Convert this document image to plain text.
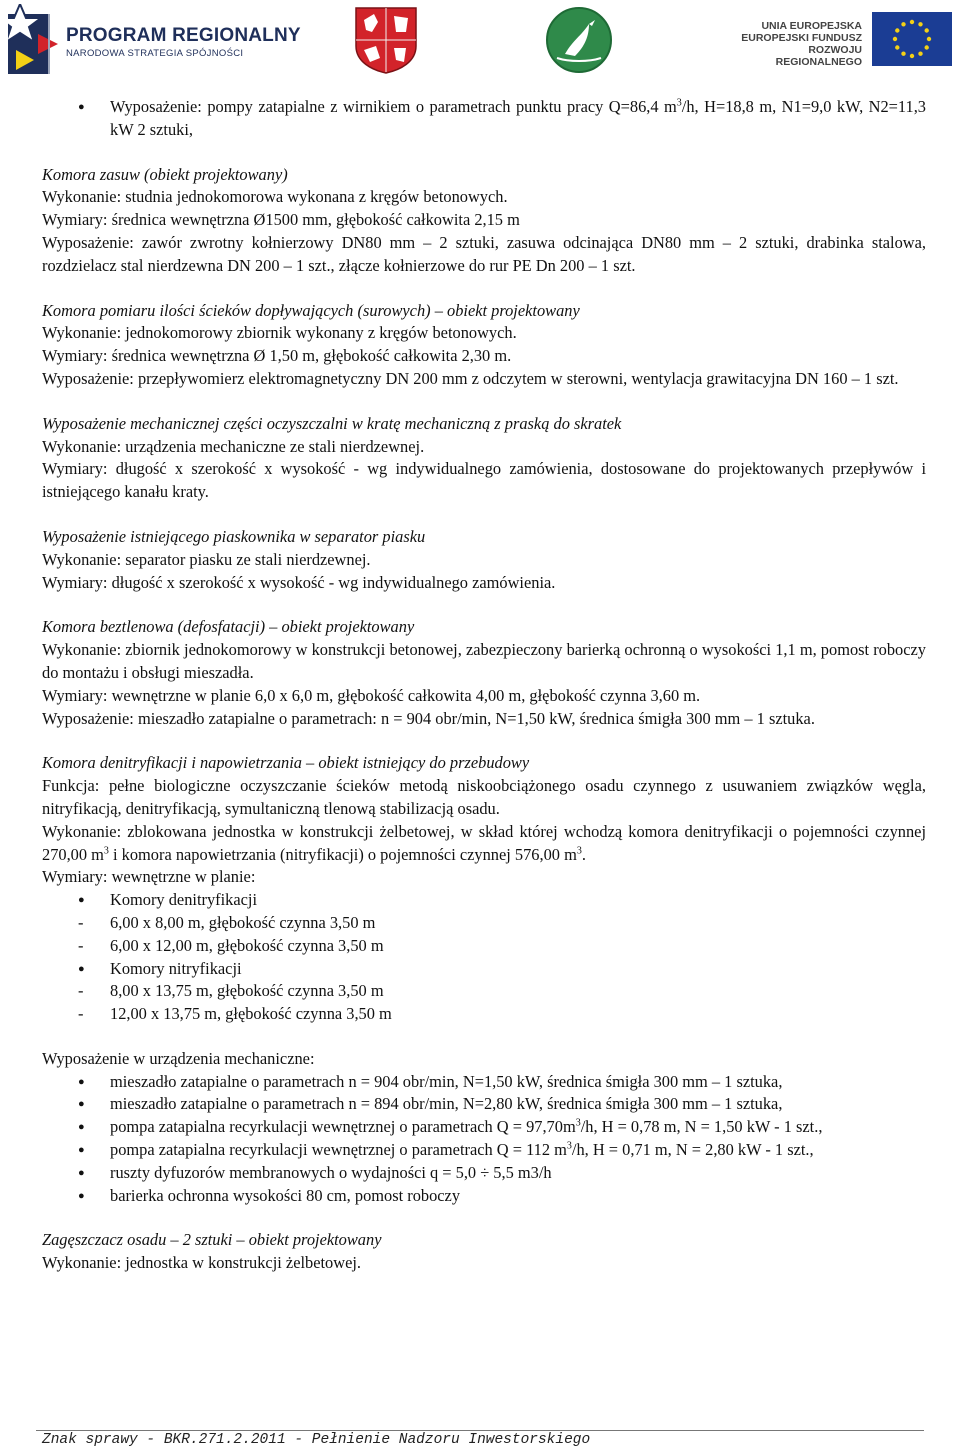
PROGRAM REGIONALNY
NARODOWA STRATEGIA SPÓJNOŚCI
UNIA EUROPEJSKA
EUROPEJSKI FUNDUSZ
ROZWOJU REGIONALNEGO
● Wyposażenie: pompy zatapialne z wirnikiem o parametrach punktu pracy Q=86,4 $m^3/h$, H=18,8 m, N1=9,0 kW, N2=11,3 kW 2 sztuki,

Komora zasuw (obiekt projektowany)

Wykonanie: studnia jednokomorowa wykonana z kręgów betonowych.

Wymiary: średnica wewnętrzna Ø1500 mm, głębokość całkowita 2,15 m

Wyposażenie: zawór zwrotny kołnierzowy DN80 mm – 2 sztuki, zasuwa odcinająca DN80 mm – 2 sztuki, drabinka stalowa, rozdzielacz stal nierdzewna DN 200 – 1 szt., złącze kołnierzowe do rur PE Dn 200 – 1 szt.

Komora pomiaru ilości ścieków dopływających (surowych) – obiekt projektowany

Wykonanie: jednokomorowy zbiornik wykonany z kręgów betonowych.

Wymiary: średnica wewnętrzna Ø 1,50 m, głębokość całkowita 2,30 m.

Wyposażenie: przepływomierz elektromagnetyczny DN 200 mm z odczytem w sterowni, wentylacja grawitacyjna DN 160 – 1 szt.

Wyposażenie mechanicznej części oczyszczalni w kratę mechaniczną z praską do skratek

Wykonanie: urządzenia mechaniczne ze stali nierdzewnej.

Wymiary: długość x szerokość x wysokość - wg indywidualnego zamówienia, dostosowane do projektowanych przepływów i istniejącego kanału kraty.

Wyposażenie istniejącego piaskownika w separator piasku

Wykonanie: separator piasku ze stali nierdzewnej.

Wymiary: długość x szerokość x wysokość - wg indywidualnego zamówienia.

Komora beztlenowa (defosfatacji) – obiekt projektowany

Wykonanie: zbiornik jednokomorowy w konstrukcji betonowej, zabezpieczony barierką ochronną o wysokości 1,1 m, pomost roboczy do montażu i obsługi mieszadła.

Wymiary: wewnętrzne w planie 6,0 x 6,0 m, głębokość całkowita 4,00 m, głębokość czynna 3,60 m.

Wyposażenie: mieszadło zatapialne o parametrach: n = 904 obr/min, N=1,50 kW, średnica śmigła 300 mm – 1 sztuka.

Komora denitryfikacji i napowietrzania – obiekt istniejący do przebudowy

Funkcja: pełne biologiczne oczyszczanie ścieków metodą niskoobciążonego osadu czynnego z usuwaniem związków węgla, nitryfikacją, denitryfikacją, symultaniczną tlenową stabilizacją osadu.

Wykonanie: zblokowana jednostka w konstrukcji żelbetowej, w skład której wchodzą komora denitryfikacji o pojemności czynnej 270,00 $m^3$ i komora napowietrzania (nitryfikacji) o pojemności czynnej 576,00 $m^3$.

Wymiary: wewnętrzne w planie:

● Komory denitryfikacji
- 6,00 x 8,00 m, głębokość czynna 3,50 m
- 6,00 x 12,00 m, głębokość czynna 3,50 m
● Komory nitryfikacji
- 8,00 x 13,75 m, głębokość czynna 3,50 m
- 12,00 x 13,75 m, głębokość czynna 3,50 m

Wyposażenie w urządzenia mechaniczne:

● mieszadło zatapialne o parametrach n = 904 obr/min, N=1,50 kW, średnica śmigła 300 mm – 1 sztuka,
● mieszadło zatapialne o parametrach n = 894 obr/min, N=2,80 kW, średnica śmigła 300 mm – 1 sztuka,
● pompa zatapialna recyrkulacji wewnętrznej o parametrach $Q = 97,70m^3/h$, H = 0,78 m, N = 1,50 kW - 1 szt.,
● pompa zatapialna recyrkulacji wewnętrznej o parametrach Q = 112 $m^3/h$, H = 0,71 m, N = 2,80 kW - 1 szt.,
● ruszty dyfuzorów membranowych o wydajności q = 5,0 ÷ 5,5 m3/h
● barierka ochronna wysokości 80 cm, pomost roboczy

Zagęszczacz osadu – 2 sztuki – obiekt projektowany

Wykonanie: jednostka w konstrukcji żelbetowej.

Znak sprawy - BKR.271.2.2011 - Pełnienie Nadzoru Inwestorskiego
